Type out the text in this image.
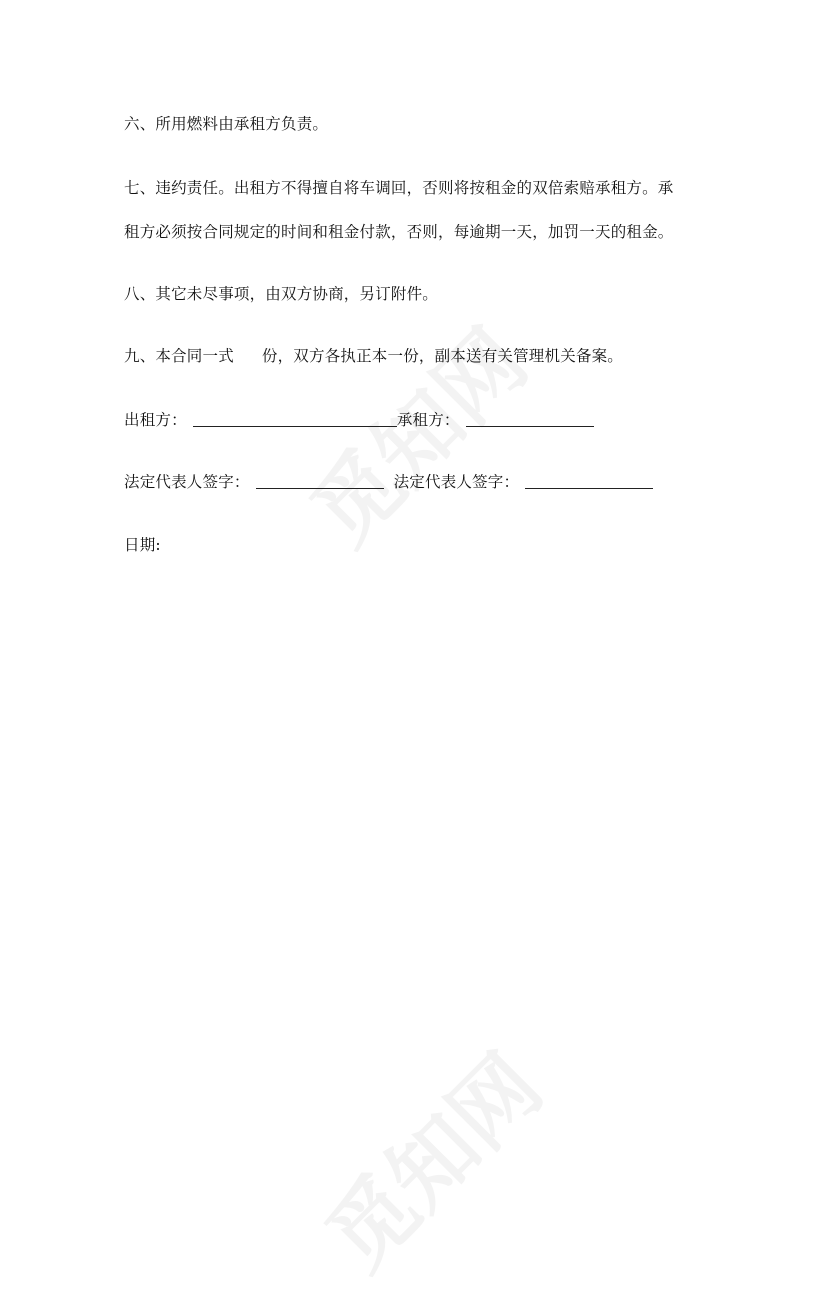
六、所用燃料由承租方负责。
七、违约责任。出租方不得擅自将车调回，否则将按租金的双倍索赔承租方。承
租方必须按合同规定的时间和租金付款，否则，每逾期一天，加罚一天的租金。
八、其它未尽事项，由双方协商，另订附件。
九、本合同一式 份，双方各执正本一份，副本送有关管理机关备案。
出租方：	承租方：
法定代表人签字：	法定代表人签字：
日期:
